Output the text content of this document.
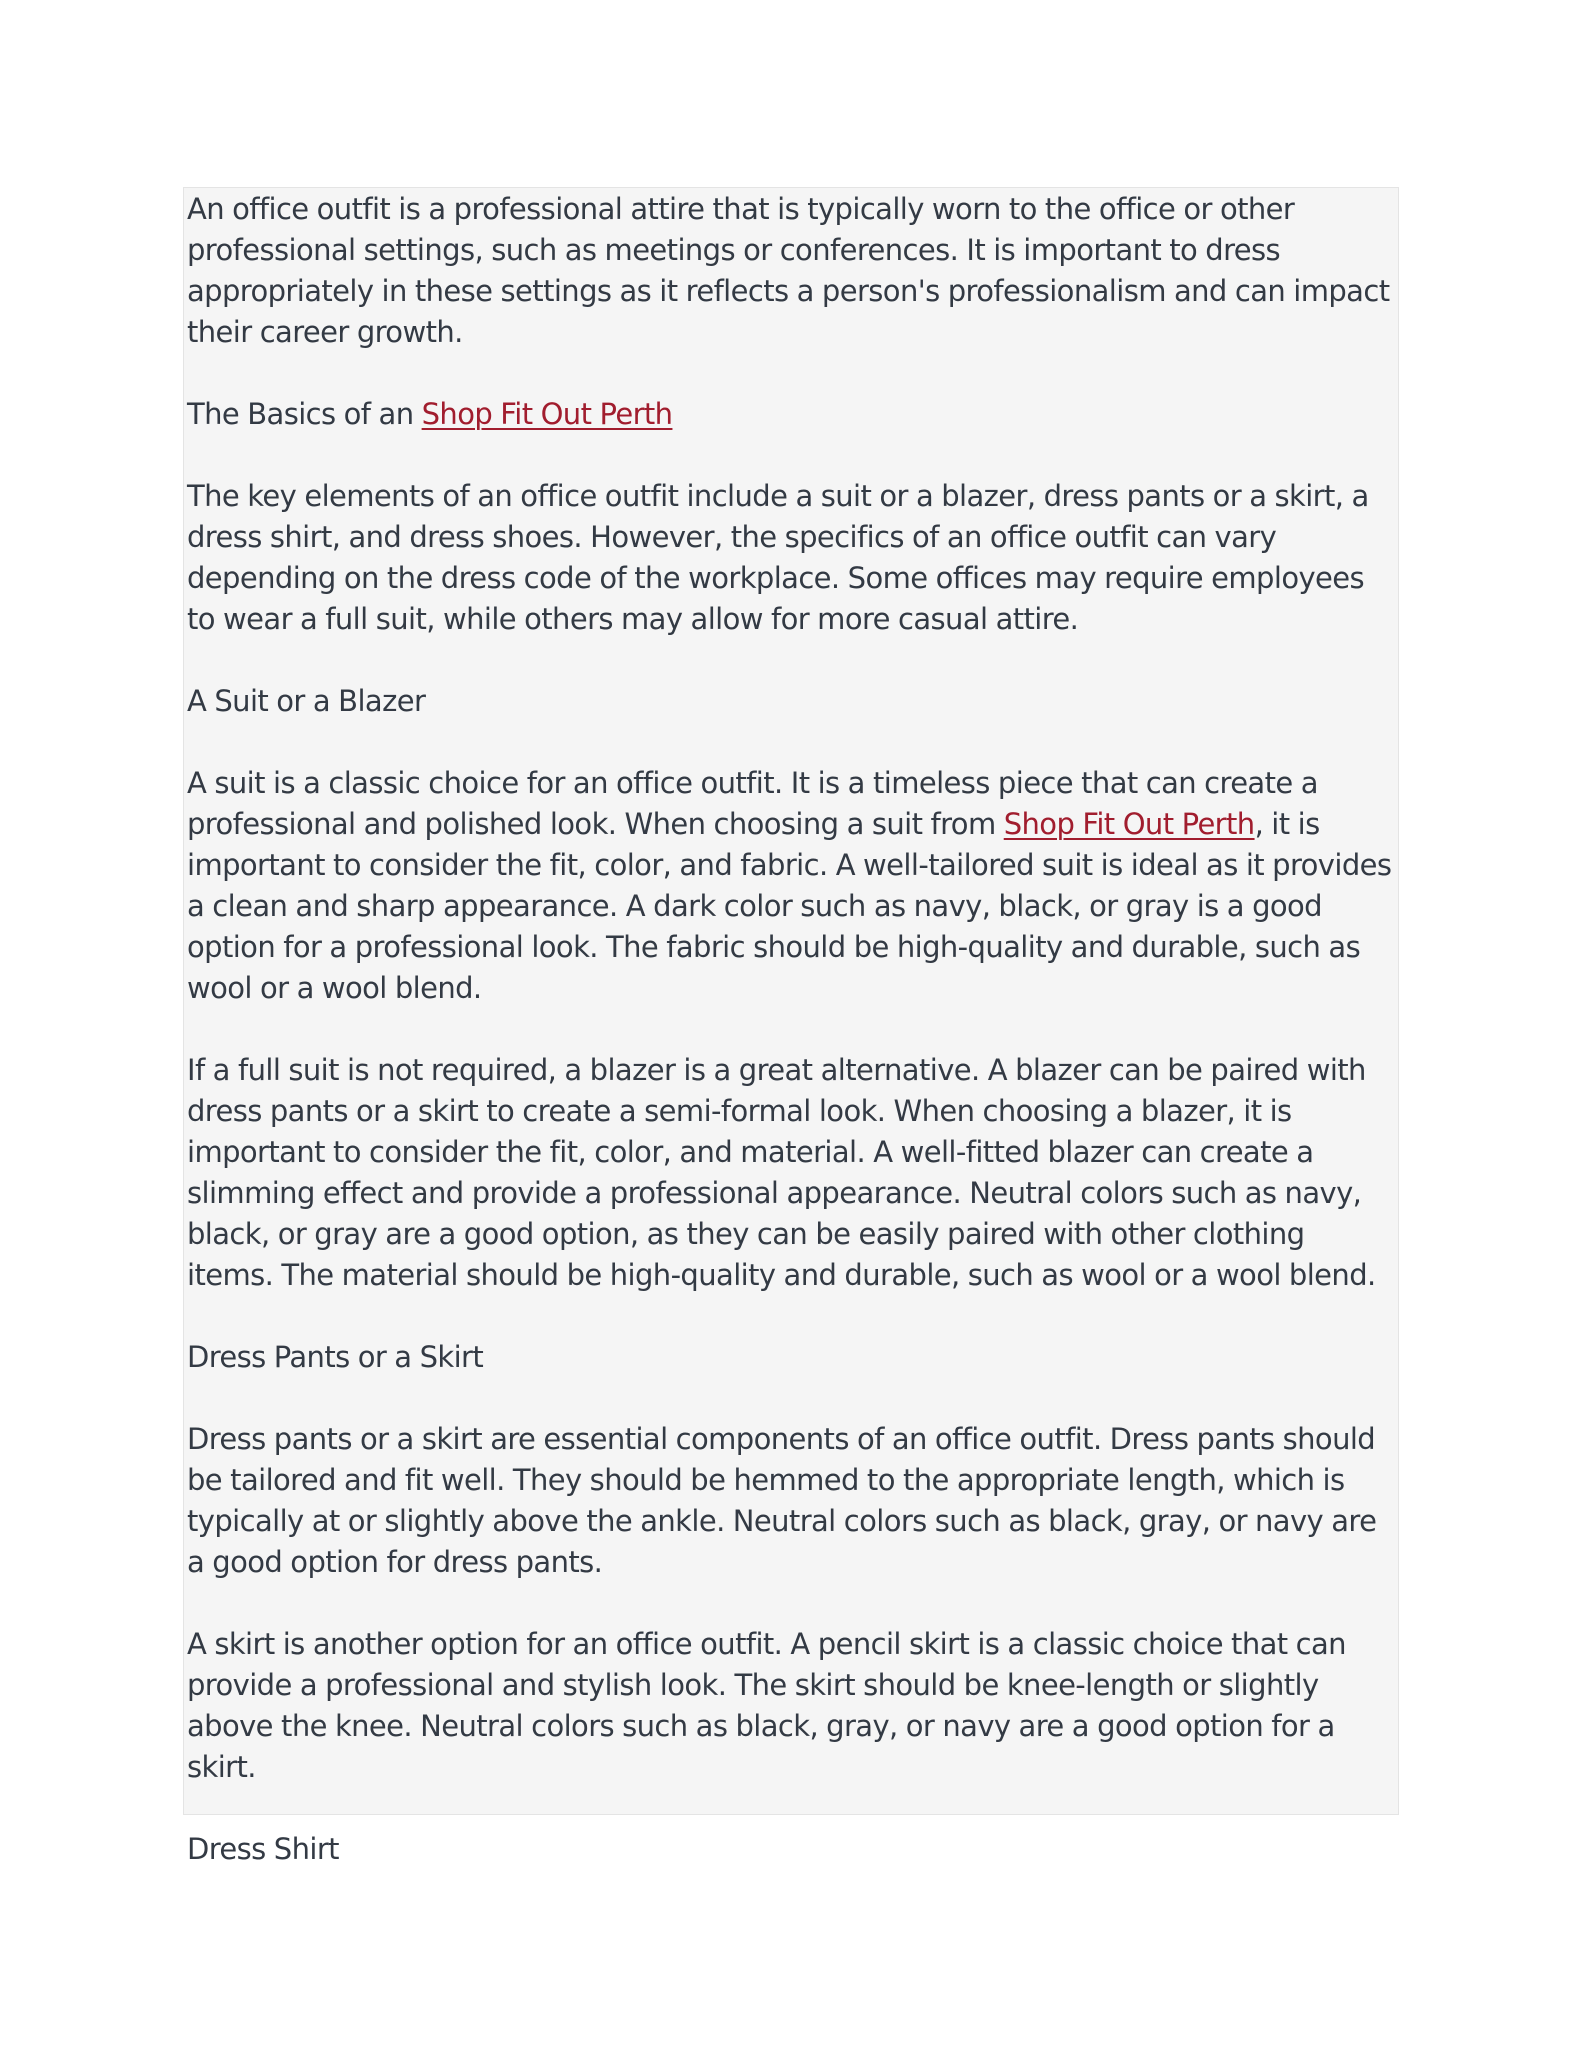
An office outfit is a professional attire that is typically worn to the office or other professional settings, such as meetings or conferences. It is important to dress appropriately in these settings as it reflects a person's professionalism and can impact their career growth.

The Basics of an Shop Fit Out Perth

The key elements of an office outfit include a suit or a blazer, dress pants or a skirt, a dress shirt, and dress shoes. However, the specifics of an office outfit can vary depending on the dress code of the workplace. Some offices may require employees to wear a full suit, while others may allow for more casual attire.

A Suit or a Blazer

A suit is a classic choice for an office outfit. It is a timeless piece that can create a professional and polished look. When choosing a suit from Shop Fit Out Perth, it is important to consider the fit, color, and fabric. A well-tailored suit is ideal as it provides a clean and sharp appearance. A dark color such as navy, black, or gray is a good option for a professional look. The fabric should be high-quality and durable, such as wool or a wool blend.

If a full suit is not required, a blazer is a great alternative. A blazer can be paired with dress pants or a skirt to create a semi-formal look. When choosing a blazer, it is important to consider the fit, color, and material. A well-fitted blazer can create a slimming effect and provide a professional appearance. Neutral colors such as navy, black, or gray are a good option, as they can be easily paired with other clothing items. The material should be high-quality and durable, such as wool or a wool blend.

Dress Pants or a Skirt

Dress pants or a skirt are essential components of an office outfit. Dress pants should be tailored and fit well. They should be hemmed to the appropriate length, which is typically at or slightly above the ankle. Neutral colors such as black, gray, or navy are a good option for dress pants.

A skirt is another option for an office outfit. A pencil skirt is a classic choice that can provide a professional and stylish look. The skirt should be knee-length or slightly above the knee. Neutral colors such as black, gray, or navy are a good option for a skirt.

Dress Shirt
